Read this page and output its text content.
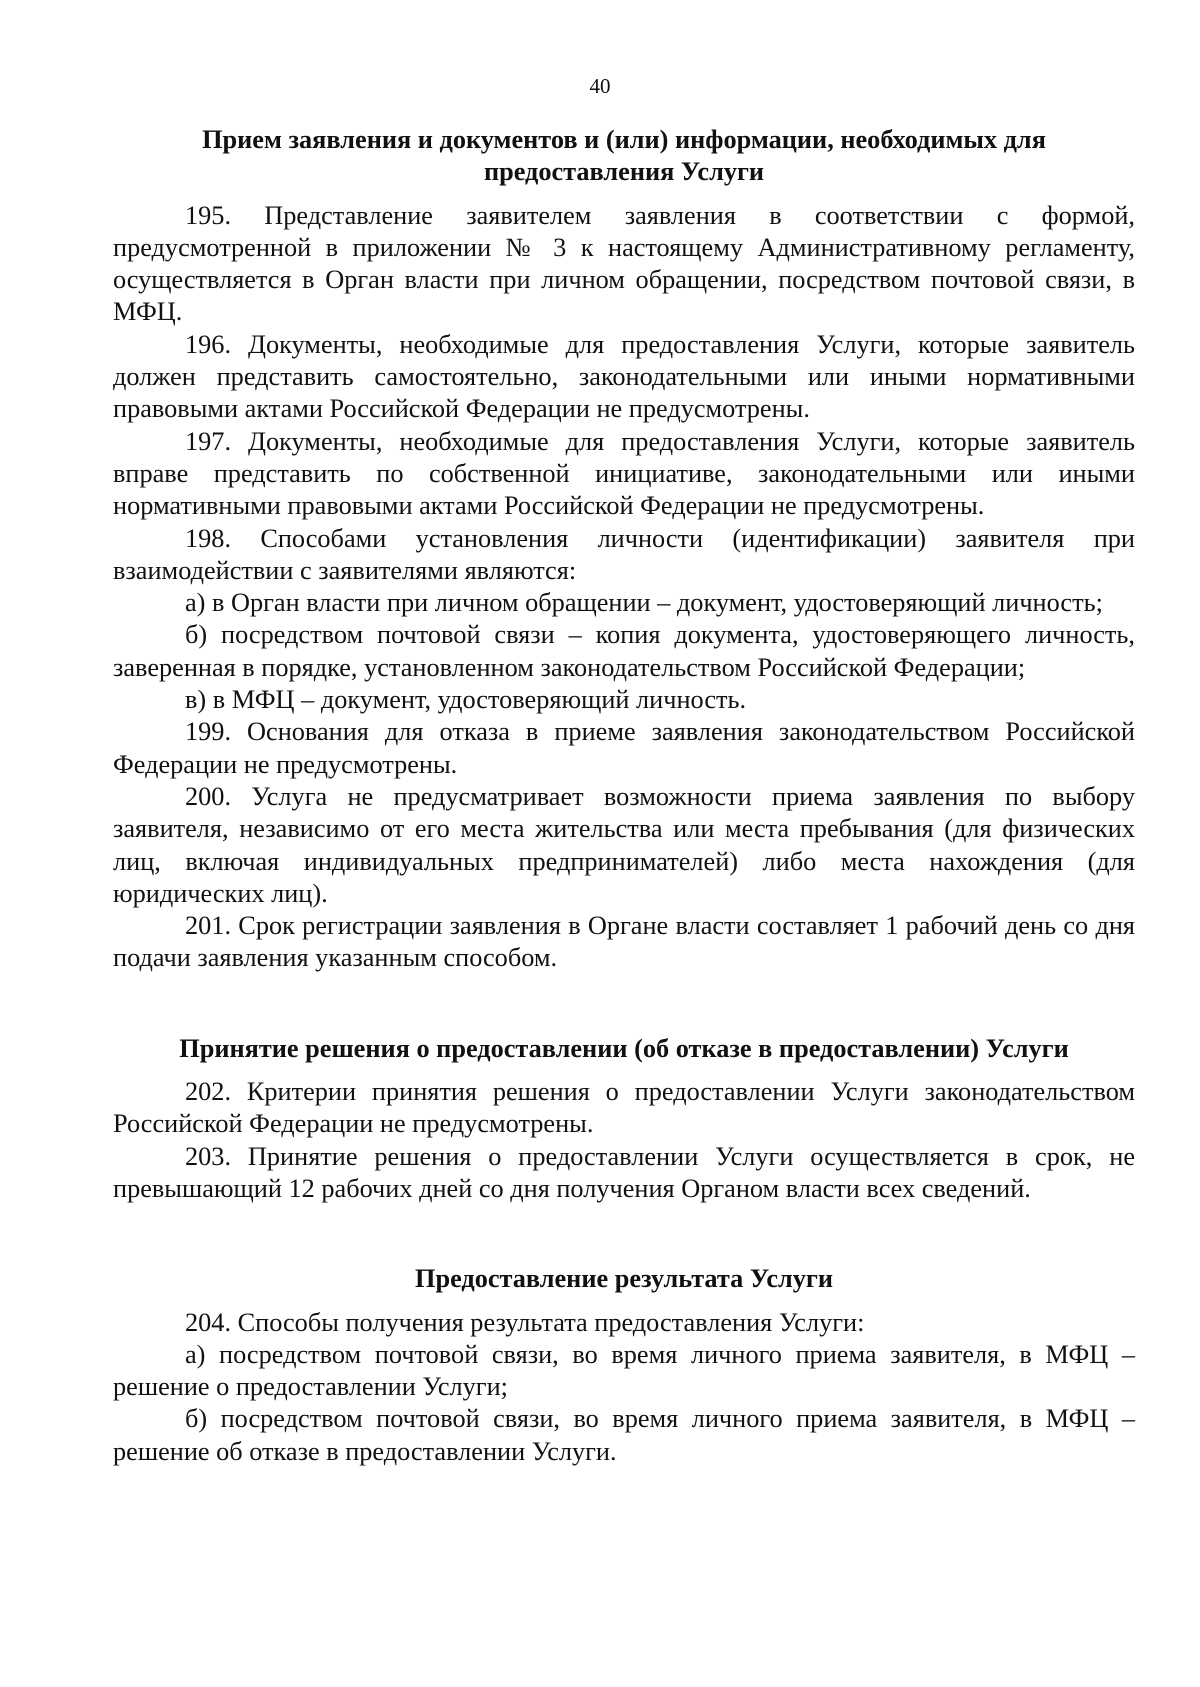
40
Прием заявления и документов и (или) информации, необходимых для предоставления Услуги

195. Представление заявителем заявления в соответствии с формой, предусмотренной в приложении № 3 к настоящему Административному регламенту, осуществляется в Орган власти при личном обращении, посредством почтовой связи, в МФЦ.

196. Документы, необходимые для предоставления Услуги, которые заявитель должен представить самостоятельно, законодательными или иными нормативными правовыми актами Российской Федерации не предусмотрены.

197. Документы, необходимые для предоставления Услуги, которые заявитель вправе представить по собственной инициативе, законодательными или иными нормативными правовыми актами Российской Федерации не предусмотрены.

198. Способами установления личности (идентификации) заявителя при взаимодействии с заявителями являются:

а) в Орган власти при личном обращении – документ, удостоверяющий личность;

б) посредством почтовой связи – копия документа, удостоверяющего личность, заверенная в порядке, установленном законодательством Российской Федерации;

в) в МФЦ – документ, удостоверяющий личность.

199. Основания для отказа в приеме заявления законодательством Российской Федерации не предусмотрены.

200. Услуга не предусматривает возможности приема заявления по выбору заявителя, независимо от его места жительства или места пребывания (для физических лиц, включая индивидуальных предпринимателей) либо места нахождения (для юридических лиц).

201. Срок регистрации заявления в Органе власти составляет 1 рабочий день со дня подачи заявления указанным способом.

Принятие решения о предоставлении (об отказе в предоставлении) Услуги

202. Критерии принятия решения о предоставлении Услуги законодательством Российской Федерации не предусмотрены.

203. Принятие решения о предоставлении Услуги осуществляется в срок, не превышающий 12 рабочих дней со дня получения Органом власти всех сведений.

Предоставление результата Услуги

204. Способы получения результата предоставления Услуги:

а) посредством почтовой связи, во время личного приема заявителя, в МФЦ – решение о предоставлении Услуги;

б) посредством почтовой связи, во время личного приема заявителя, в МФЦ – решение об отказе в предоставлении Услуги.
